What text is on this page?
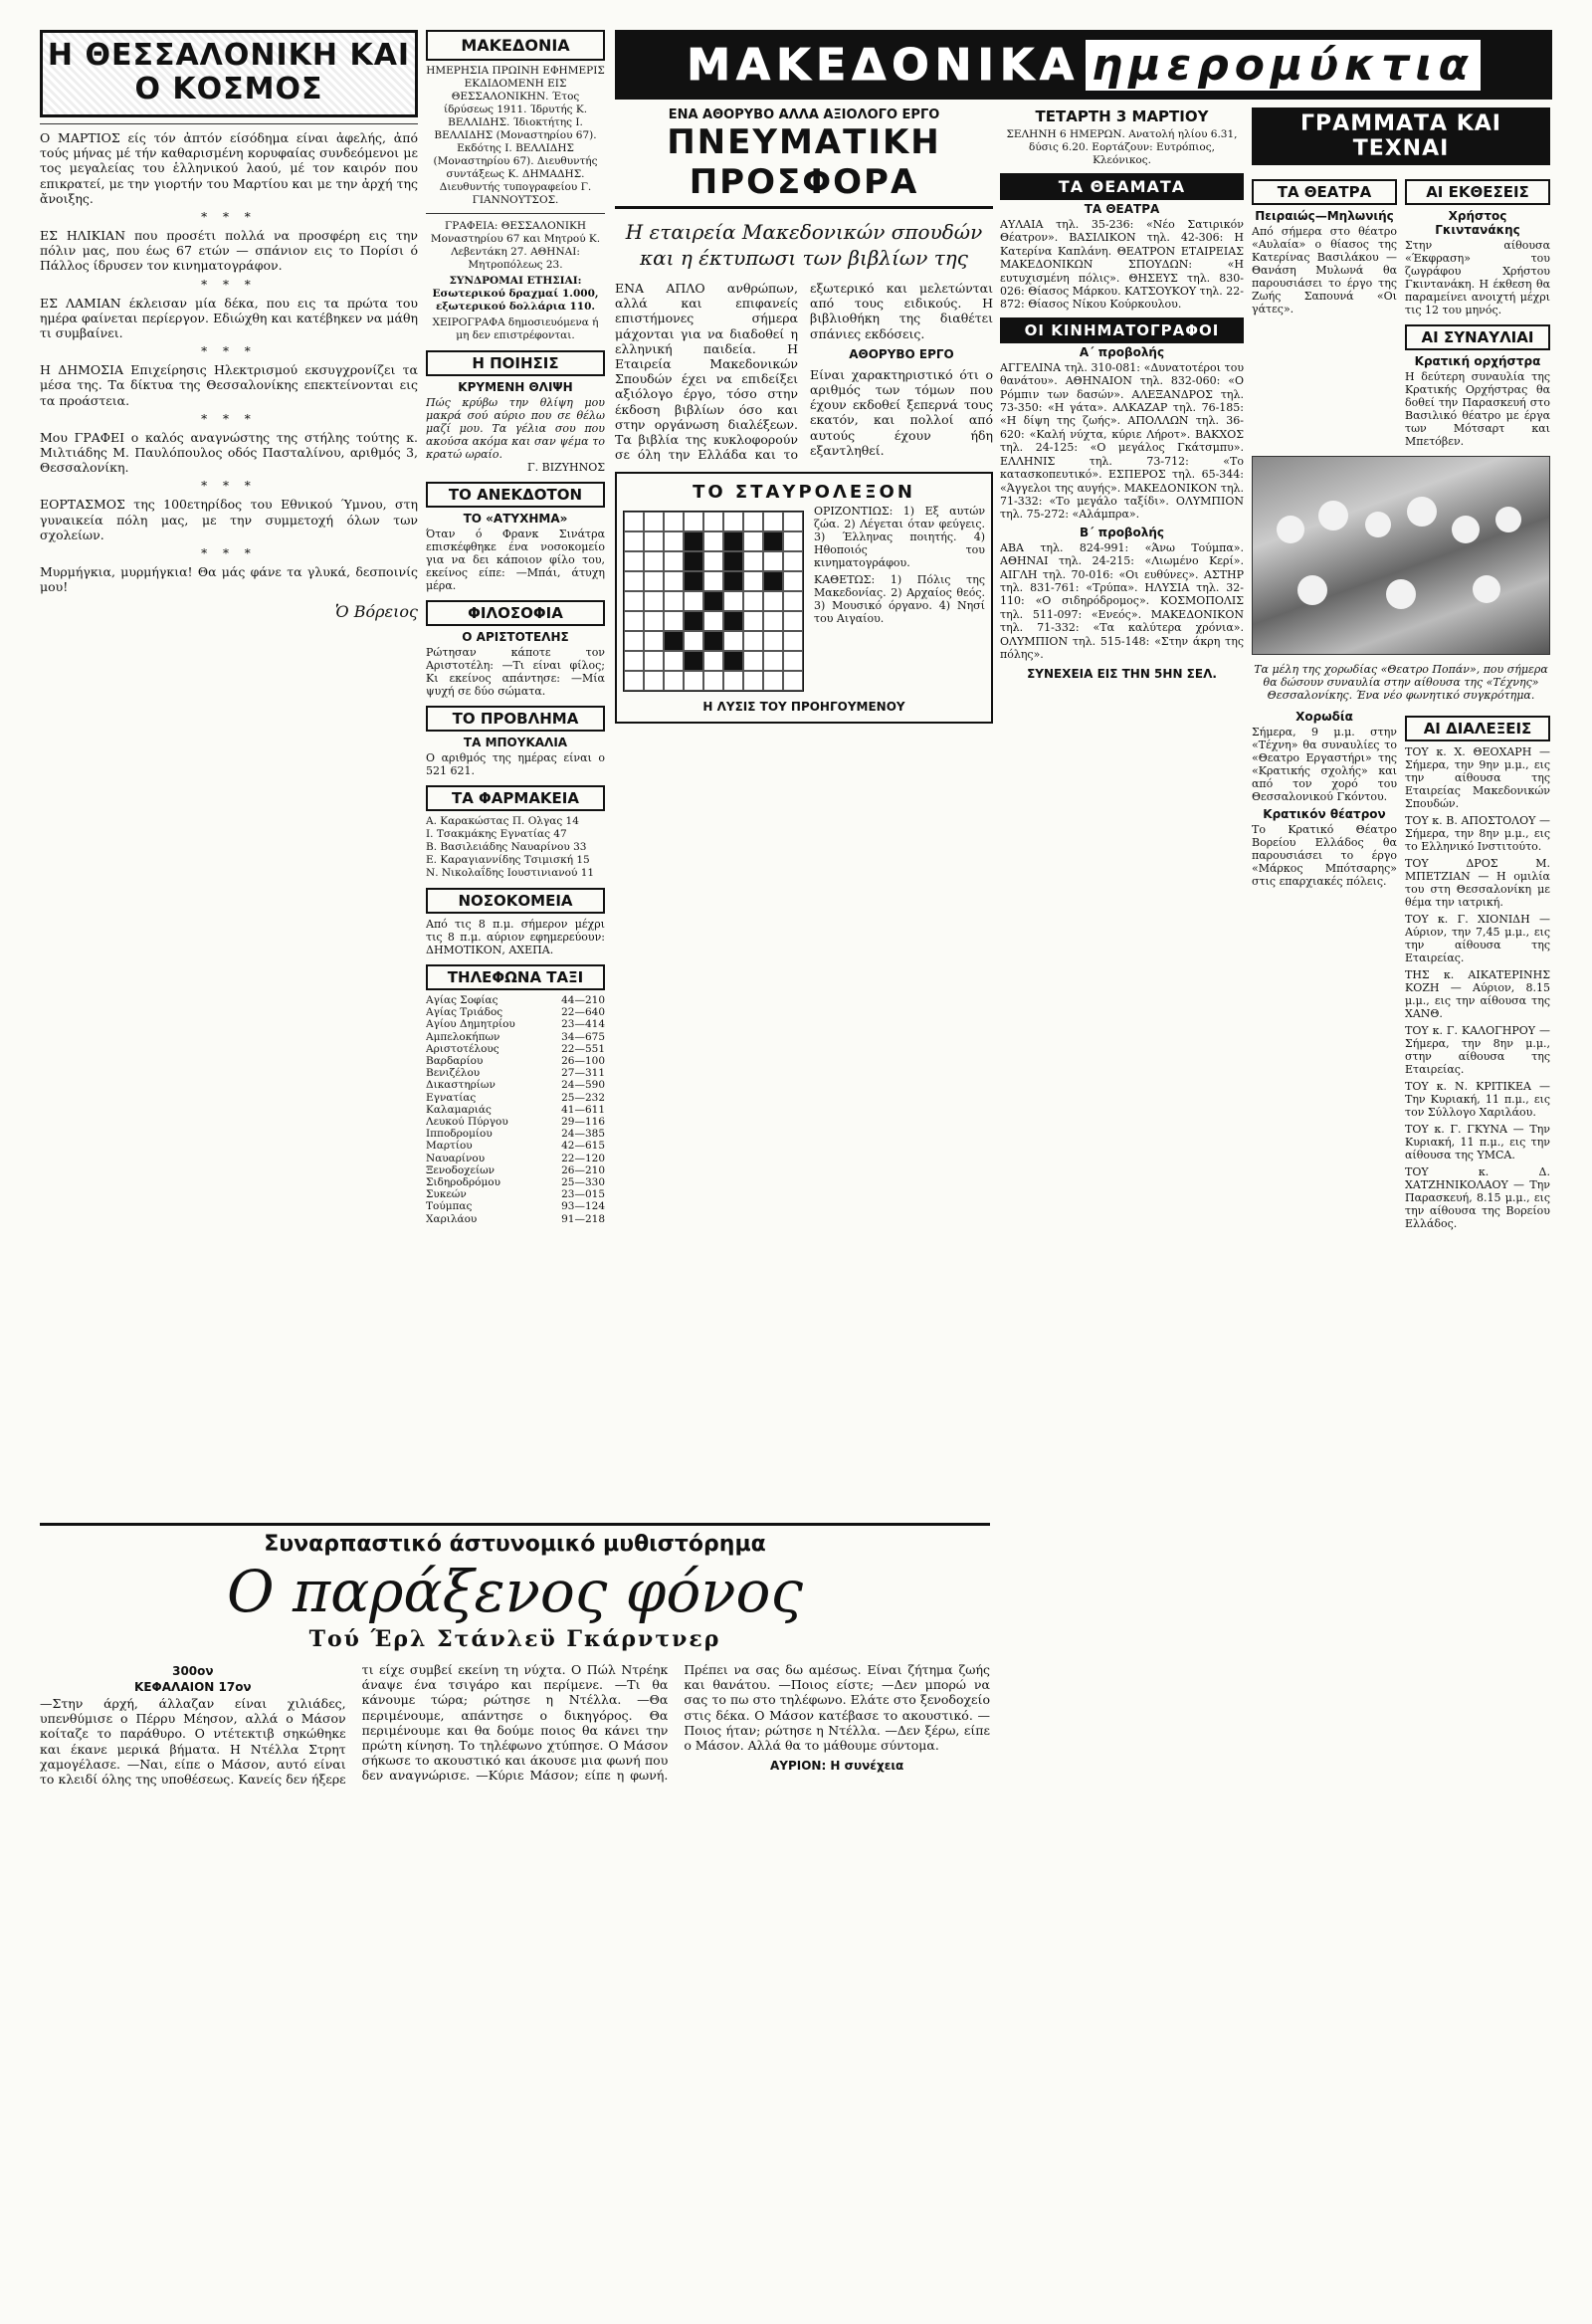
Η ΘΕΣΣΑΛΟΝΙΚΗ ΚΑΙ Ο ΚΟΣΜΟΣ

Ο ΜΑΡΤΙΟΣ είς τόν ἀπτόν είσόδημα είναι ἀφελής, ἀπό τούς μήνας μέ τήν καθαρισμένη κορυφαίας συνδεόμενοι με τος μεγαλείας του ἑλληνικού λαού, μέ τον καιρόν που επικρατεί, με την γιορτήν του Μαρτίου και με την ἀρχή της ἄνοιξης.

* * *

ΕΣ ΗΛΙΚΙΑΝ που προσέτι πολλά να προσφέρη εις την πόλιν μας, που έως 67 ετών — σπάνιον εις το Πορίσι ό Πάλλος ίδρυσεν τον κινηματογράφον.

* * *

ΕΣ ΛΑΜΙΑΝ έκλεισαν μία δέκα, που εις τα πρώτα του ημέρα φαίνεται περίεργον. Εδιώχθη και κατέβηκεν να μάθη τι συμβαίνει.

* * *

Η ΔΗΜΟΣΙΑ Επιχείρησις Ηλεκτρισμού εκσυγχρονίζει τα μέσα της. Τα δίκτυα της Θεσσαλονίκης επεκτείνονται εις τα προάστεια.

* * *

Μου ΓΡΑΦΕΙ ο καλός αναγνώστης της στήλης τούτης κ. Μιλτιάδης Μ. Παυλόπουλος οδός Πασταλίνου, αριθμός 3, Θεσσαλονίκη.

* * *

ΕΟΡΤΑΣΜΟΣ της 100ετηρίδος του Εθνικού Ύμνου, στη γυναικεία πόλη μας, με την συμμετοχή όλων των σχολείων.

* * *

Μυρμήγκια, μυρμήγκια! Θα μάς φάνε τα γλυκά, δεσποινίς μου!

Ὁ Βόρειος
ΜΑΚΕΔΟΝΙΑ

ΗΜΕΡΗΣΙΑ ΠΡΩΙΝΗ ΕΦΗΜΕΡΙΣ ΕΚΔΙΔΟΜΕΝΗ ΕΙΣ ΘΕΣΣΑΛΟΝΙΚΗΝ. Έτος ίδρύσεως 1911. Ίδρυτής Κ. ΒΕΛΛΙΔΗΣ. Ίδιοκτήτης Ι. ΒΕΛΛΙΔΗΣ (Μοναστηρίου 67). Εκδότης Ι. ΒΕΛΛΙΔΗΣ (Μοναστηρίου 67). Διευθυντής συντάξεως Κ. ΔΗΜΑΔΗΣ. Διευθυντής τυπογραφείου Γ. ΓΙΑΝΝΟΥΤΣΟΣ.

ΓΡΑΦΕΙΑ: ΘΕΣΣΑΛΟΝΙΚΗ Μοναστηρίου 67 και Μητρού Κ. Λεβεντάκη 27. ΑΘΗΝΑΙ: Μητροπόλεως 23.

ΣΥΝΔΡΟΜΑΙ ΕΤΗΣΙΑΙ: Εσωτερικού δραχμαί 1.000, εξωτερικού δολλάρια 110.

ΧΕΙΡΟΓΡΑΦΑ δημοσιευόμενα ή μη δεν επιστρέφονται.

Η ΠΟΙΗΣΙΣ
ΚΡΥΜΕΝΗ ΘΛΙΨΗ

Πώς κρύβω την θλίψη μου μακρά σού αύριο που σε θέλω μαζί μου. Τα γέλια σου που ακούσα ακόμα και σαν ψέμα το κρατώ ωραίο.

Γ. ΒΙΖΥΗΝΟΣ
ΤΟ ΑΝΕΚΔΟΤΟΝ
ΤΟ «ΑΤΥΧΗΜΑ»

Όταν ό Φρανκ Σινάτρα επισκέφθηκε ένα νοσοκομείο για να δει κάποιον φίλο του, εκείνος είπε: —Μπάι, άτυχη μέρα.

ΦΙΛΟΣΟΦΙΑ
Ο ΑΡΙΣΤΟΤΕΛΗΣ

Ρώτησαν κάποτε τον Αριστοτέλη: —Τι είναι φίλος; Κι εκείνος απάντησε: —Μία ψυχή σε δύο σώματα.

ΤΟ ΠΡΟΒΛΗΜΑ
ΤΑ ΜΠΟΥΚΑΛΙΑ

Ο αριθμός της ημέρας είναι ο 521 621.

ΤΑ ΦΑΡΜΑΚΕΙΑ
Α. Καρακώστας Π. Ολγας 14
Ι. Τσακμάκης Εγνατίας 47
Β. Βασιλειάδης Ναυαρίνου 33
Ε. Καραγιαννίδης Τσιμισκή 15
Ν. Νικολαΐδης Ιουστινιανού 11
ΝΟΣΟΚΟΜΕΙΑ

Από τις 8 π.μ. σήμερον μέχρι τις 8 π.μ. αύριον εφημερεύουν: ΔΗΜΟΤΙΚΟΝ, ΑΧΕΠΑ.

ΤΗΛΕΦΩΝΑ ΤΑΞΙ
Αγίας Σοφίας	44—210
Αγίας Τριάδος	22—640
Αγίου Δημητρίου	23—414
Αμπελοκήπων	34—675
Αριστοτέλους	22—551
Βαρδαρίου	26—100
Βενιζέλου	27—311
Δικαστηρίων	24—590
Εγνατίας	25—232
Καλαμαριάς	41—611
Λευκού Πύργου	29—116
Ιπποδρομίου	24—385
Μαρτίου	42—615
Ναυαρίνου	22—120
Ξενοδοχείων	26—210
Σιδηροδρόμου	25—330
Συκεών	23—015
Τούμπας	93—124
Χαριλάου	91—218
ΜΑΚΕΔΟΝΙΚΑ ημερομύκτια
ΕΝΑ ΑΘΟΡΥΒΟ ΑΛΛΑ ΑΞΙΟΛΟΓΟ ΕΡΓΟ
ΠΝΕΥΜΑΤΙΚΗ ΠΡΟΣΦΟΡΑ
Η εταιρεία Μακεδονικών σπουδών και η έκτυπωσι των βιβλίων της

ΕΝΑ ΑΠΛΟ ανθρώπων, αλλά και επιφανείς επιστήμονες σήμερα μάχονται για να διαδοθεί η ελληνική παιδεία. Η Εταιρεία Μακεδονικών Σπουδών έχει να επιδείξει αξιόλογο έργο, τόσο στην έκδοση βιβλίων όσο και στην οργάνωση διαλέξεων. Τα βιβλία της κυκλοφορούν σε όλη την Ελλάδα και το εξωτερικό και μελετώνται από τους ειδικούς. Η βιβλιοθήκη της διαθέτει σπάνιες εκδόσεις.

ΑΘΟΡΥΒΟ ΕΡΓΟ

Είναι χαρακτηριστικό ότι ο αριθμός των τόμων που έχουν εκδοθεί ξεπερνά τους εκατόν, και πολλοί από αυτούς έχουν ήδη εξαντληθεί.

ΤΟ ΣΤΑΥΡΟΛΕΞΟΝ

ΟΡΙΖΟΝΤΙΩΣ: 1) Εξ αυτών ζώα. 2) Λέγεται όταν φεύγεις. 3) Έλληνας ποιητής. 4) Ηθοποιός του κινηματογράφου.

ΚΑΘΕΤΩΣ: 1) Πόλις της Μακεδονίας. 2) Αρχαίος θεός. 3) Μουσικό όργανο. 4) Νησί του Αιγαίου.

Η ΛΥΣΙΣ ΤΟΥ ΠΡΟΗΓΟΥΜΕΝΟΥ
ΤΕΤΑΡΤΗ 3 ΜΑΡΤΙΟΥ

ΣΕΛΗΝΗ 6 ΗΜΕΡΩΝ. Ανατολή ηλίου 6.31, δύσις 6.20. Εορτάζουν: Ευτρόπιος, Κλεόνικος.

ΤΑ ΘΕΑΜΑΤΑ
ΤΑ ΘΕΑΤΡΑ

ΑΥΛΑΙΑ τηλ. 35-236: «Νέο Σατιρικόν Θέατρον». ΒΑΣΙΛΙΚΟΝ τηλ. 42-306: Η Κατερίνα Καπλάνη. ΘΕΑΤΡΟΝ ΕΤΑΙΡΕΙΑΣ ΜΑΚΕΔΟΝΙΚΩΝ ΣΠΟΥΔΩΝ: «Η ευτυχισμένη πόλις». ΘΗΣΕΥΣ τηλ. 830-026: Θίασος Μάρκου. ΚΑΤΣΟΥΚΟΥ τηλ. 22-872: Θίασος Νίκου Κούρκουλου.

ΟΙ ΚΙΝΗΜΑΤΟΓΡΑΦΟΙ
Α΄ προβολής

ΑΓΓΕΛΙΝΑ τηλ. 310-081: «Δυνατοτέροι του θανάτου». ΑΘΗΝΑΙΟΝ τηλ. 832-060: «Ο Ρόμπιν των δασών». ΑΛΕΞΑΝΔΡΟΣ τηλ. 73-350: «Η γάτα». ΑΛΚΑΖΑΡ τηλ. 76-185: «Η δίψη της ζωής». ΑΠΟΛΛΩΝ τηλ. 36-620: «Καλή νύχτα, κύριε Λήροτ». ΒΑΚΧΟΣ τηλ. 24-125: «Ο μεγάλος Γκάτσμπυ». ΕΛΛΗΝΙΣ τηλ. 73-712: «Το κατασκοπευτικό». ΕΣΠΕΡΟΣ τηλ. 65-344: «Άγγελοι της αυγής». ΜΑΚΕΔΟΝΙΚΟΝ τηλ. 71-332: «Το μεγάλο ταξίδι». ΟΛΥΜΠΙΟΝ τηλ. 75-272: «Αλάμπρα».

Β΄ προβολής

ΑΒΑ τηλ. 824-991: «Άνω Τούμπα». ΑΘΗΝΑΙ τηλ. 24-215: «Λιωμένο Κερί». ΑΙΓΛΗ τηλ. 70-016: «Οι ευθύνες». ΑΣΤΗΡ τηλ. 831-761: «Τρύπα». ΗΛΥΣΙΑ τηλ. 32-110: «Ο σιδηρόδρομος». ΚΟΣΜΟΠΟΛΙΣ τηλ. 511-097: «Ενεός». ΜΑΚΕΔΟΝΙΚΟΝ τηλ. 71-332: «Τα καλύτερα χρόνια». ΟΛΥΜΠΙΟΝ τηλ. 515-148: «Στην άκρη της πόλης».

ΣΥΝΕΧΕΙΑ ΕΙΣ ΤΗΝ 5ΗΝ ΣΕΛ.
ΓΡΑΜΜΑΤΑ ΚΑΙ ΤΕΧΝΑΙ
ΤΑ ΘΕΑΤΡΑ
Πειραιώς—Μηλωνιής

Από σήμερα στο θέατρο «Αυλαία» ο θίασος της Κατερίνας Βασιλάκου — Θανάση Μυλωνά θα παρουσιάσει το έργο της Ζωής Σαπουνά «Οι γάτες».

ΑΙ ΕΚΘΕΣΕΙΣ
Χρήστος Γκιντανάκης

Στην αίθουσα «Έκφραση» του ζωγράφου Χρήστου Γκιντανάκη. Η έκθεση θα παραμείνει ανοιχτή μέχρι τις 12 του μηνός.

ΑΙ ΣΥΝΑΥΛΙΑΙ
Κρατική ορχήστρα

Η δεύτερη συναυλία της Κρατικής Ορχήστρας θα δοθεί την Παρασκευή στο Βασιλικό θέατρο με έργα των Μότσαρτ και Μπετόβεν.

Τα μέλη της χορωδίας «Θεατρο Ποπάν», που σήμερα θα δώσουν συναυλία στην αίθουσα της «Τέχνης» Θεσσαλονίκης. Ένα νέο φωνητικό συγκρότημα.

Χορωδία

Σήμερα, 9 μ.μ. στην «Τέχνη» θα συναυλίες το «Θεατρο Εργαστήρι» της «Κρατικής σχολής» και από τον χορό του Θεσσαλονικού Γκόντου.

Κρατικόν θέατρον

Το Κρατικό Θέατρο Βορείου Ελλάδος θα παρουσιάσει το έργο «Μάρκος Μπότσαρης» στις επαρχιακές πόλεις.

ΑΙ ΔΙΑΛΕΞΕΙΣ

ΤΟΥ κ. Χ. ΘΕΟΧΑΡΗ — Σήμερα, την 9ην μ.μ., εις την αίθουσα της Εταιρείας Μακεδονικών Σπουδών.

ΤΟΥ κ. Β. ΑΠΟΣΤΟΛΟΥ — Σήμερα, την 8ην μ.μ., εις το Ελληνικό Ινστιτούτο.

ΤΟΥ ΔΡΟΣ Μ. ΜΠΕΤΖΙΑΝ — Η ομιλία του στη Θεσσαλονίκη με θέμα την ιατρική.

ΤΟΥ κ. Γ. ΧΙΟΝΙΔΗ — Αύριον, την 7,45 μ.μ., εις την αίθουσα της Εταιρείας.

ΤΗΣ κ. ΑΙΚΑΤΕΡΙΝΗΣ ΚΟΖΗ — Αύριον, 8.15 μ.μ., εις την αίθουσα της ΧΑΝΘ.

ΤΟΥ κ. Γ. ΚΑΛΟΓΗΡΟΥ — Σήμερα, την 8ην μ.μ., στην αίθουσα της Εταιρείας.

ΤΟΥ κ. Ν. ΚΡΙΤΙΚΕΑ — Την Κυριακή, 11 π.μ., εις τον Σύλλογο Χαριλάου.

ΤΟΥ κ. Γ. ΓΚΥΝΑ — Την Κυριακή, 11 π.μ., εις την αίθουσα της ΥΜCA.

ΤΟΥ κ. Δ. ΧΑΤΖΗΝΙΚΟΛΑΟΥ — Την Παρασκευή, 8.15 μ.μ., εις την αίθουσα της Βορείου Ελλάδος.

Συναρπαστικό άστυνομικό μυθιστόρημα
Ο παράξενος φόνος
Τού Έρλ Στάνλεϋ Γκάρντνερ
300ον
ΚΕΦΑΛΑΙΟΝ 17ον

—Στην άρχή, άλλαζαν είναι χιλιάδες, υπενθύμισε ο Πέρρυ Μέησον, αλλά ο Μάσον κοίταζε το παράθυρο. Ο ντέτεκτιβ σηκώθηκε και έκανε μερικά βήματα. Η Ντέλλα Στρητ χαμογέλασε. —Ναι, είπε ο Μάσον, αυτό είναι το κλειδί όλης της υποθέσεως. Κανείς δεν ήξερε τι είχε συμβεί εκείνη τη νύχτα. Ο Πώλ Ντρέηκ άναψε ένα τσιγάρο και περίμενε. —Τι θα κάνουμε τώρα; ρώτησε η Ντέλλα. —Θα περιμένουμε, απάντησε ο δικηγόρος. Θα περιμένουμε και θα δούμε ποιος θα κάνει την πρώτη κίνηση. Το τηλέφωνο χτύπησε. Ο Μάσον σήκωσε το ακουστικό και άκουσε μια φωνή που δεν αναγνώρισε. —Κύριε Μάσον; είπε η φωνή. Πρέπει να σας δω αμέσως. Είναι ζήτημα ζωής και θανάτου. —Ποιος είστε; —Δεν μπορώ να σας το πω στο τηλέφωνο. Ελάτε στο ξενοδοχείο στις δέκα. Ο Μάσον κατέβασε το ακουστικό. —Ποιος ήταν; ρώτησε η Ντέλλα. —Δεν ξέρω, είπε ο Μάσον. Αλλά θα το μάθουμε σύντομα.

ΑΥΡΙΟΝ: Η συνέχεια
